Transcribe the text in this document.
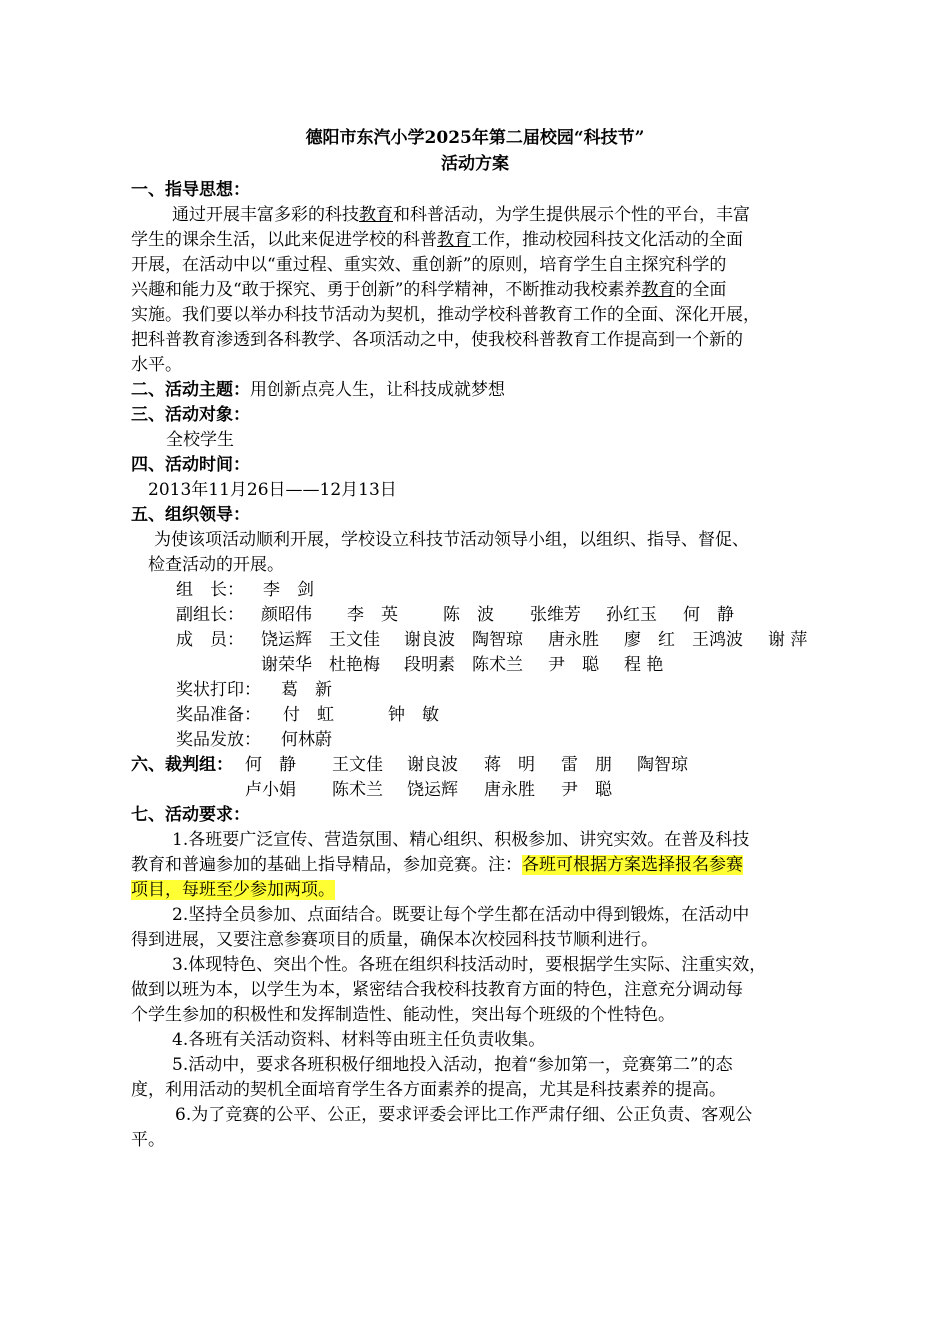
德阳市东汽小学2025年第二届校园“科技节”
活动方案
一、指导思想：
通过开展丰富多彩的科技教育和科普活动，为学生提供展示个性的平台，丰富
学生的课余生活，以此来促进学校的科普教育工作，推动校园科技文化活动的全面
开展，在活动中以“重过程、重实效、重创新”的原则，培育学生自主探究科学的
兴趣和能力及“敢于探究、勇于创新”的科学精神，不断推动我校素养教育的全面
实施。我们要以举办科技节活动为契机，推动学校科普教育工作的全面、深化开展，
把科普教育渗透到各科教学、各项活动之中，使我校科普教育工作提高到一个新的
水平。
二、活动主题：用创新点亮人生，让科技成就梦想
三、活动对象：
全校学生
四、活动时间：
2013年11月26日——12月13日
五、组织领导：
为使该项活动顺利开展，学校设立科技节活动领导小组，以组织、指导、督促、
检查活动的开展。
组　长： 李　剑
副组长： 颜昭伟 李　英	陈　波 张维芳 孙红玉 何　静
成　员： 饶运辉 王文佳 谢良波 陶智琼 唐永胜 廖　红 王鸿波 谢 萍
谢荣华 杜艳梅 段明素 陈术兰 尹　聪 程 艳
奖状打印： 葛　新
奖品准备： 付　虹	钟　敏
奖品发放： 何林蔚
六、裁判组： 何　静 王文佳 谢良波 蒋　明 雷　朋 陶智琼
卢小娟 陈术兰 饶运辉 唐永胜 尹　聪
七、活动要求：
1.各班要广泛宣传、营造氛围、精心组织、积极参加、讲究实效。在普及科技
教育和普遍参加的基础上指导精品，参加竞赛。注：各班可根据方案选择报名参赛
项目，每班至少参加两项。
2.坚持全员参加、点面结合。既要让每个学生都在活动中得到锻炼，在活动中
得到进展，又要注意参赛项目的质量，确保本次校园科技节顺利进行。
3.体现特色、突出个性。各班在组织科技活动时，要根据学生实际、注重实效，
做到以班为本，以学生为本，紧密结合我校科技教育方面的特色，注意充分调动每
个学生参加的积极性和发挥制造性、能动性，突出每个班级的个性特色。
4.各班有关活动资料、材料等由班主任负责收集。
5.活动中，要求各班积极仔细地投入活动，抱着“参加第一，竞赛第二”的态
度，利用活动的契机全面培育学生各方面素养的提高，尤其是科技素养的提高。
6.为了竞赛的公平、公正，要求评委会评比工作严肃仔细、公正负责、客观公
平。
